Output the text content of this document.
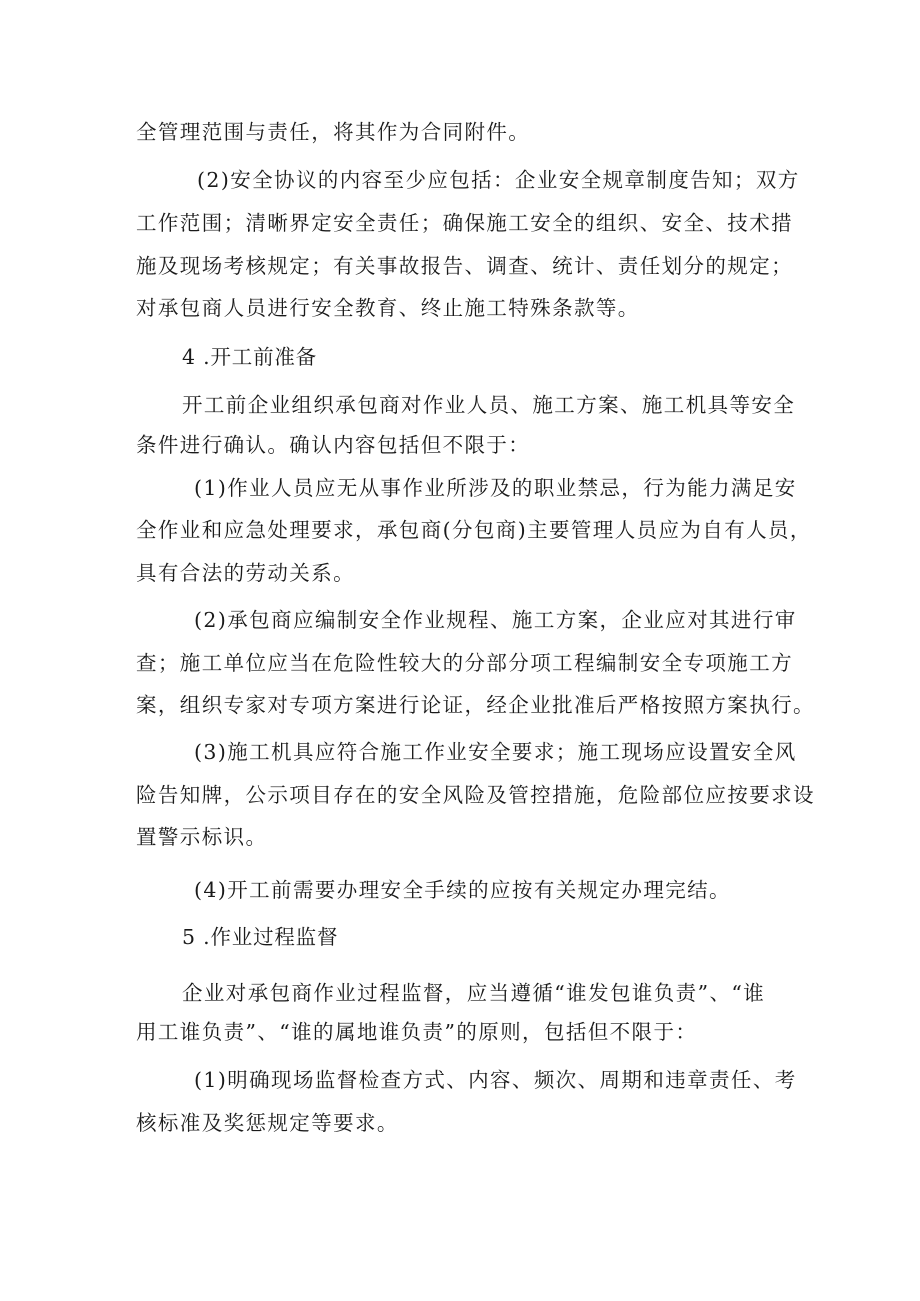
全管理范围与责任，将其作为合同附件。
(2)安全协议的内容至少应包括：企业安全规章制度告知；双方
工作范围；清晰界定安全责任；确保施工安全的组织、安全、技术措
施及现场考核规定；有关事故报告、调查、统计、责任划分的规定；
对承包商人员进行安全教育、终止施工特殊条款等。
4 .开工前准备
开工前企业组织承包商对作业人员、施工方案、施工机具等安全
条件进行确认。确认内容包括但不限于：
(1)作业人员应无从事作业所涉及的职业禁忌，行为能力满足安
全作业和应急处理要求，承包商(分包商)主要管理人员应为自有人员，
具有合法的劳动关系。
(2)承包商应编制安全作业规程、施工方案，企业应对其进行审
查；施工单位应当在危险性较大的分部分项工程编制安全专项施工方
案，组织专家对专项方案进行论证，经企业批准后严格按照方案执行。
(3)施工机具应符合施工作业安全要求；施工现场应设置安全风
险告知牌，公示项目存在的安全风险及管控措施，危险部位应按要求设
置警示标识。
(4)开工前需要办理安全手续的应按有关规定办理完结。
5 .作业过程监督
企业对承包商作业过程监督，应当遵循“谁发包谁负责”、“谁
用工谁负责”、“谁的属地谁负责”的原则，包括但不限于：
(1)明确现场监督检查方式、内容、频次、周期和违章责任、考
核标准及奖惩规定等要求。
